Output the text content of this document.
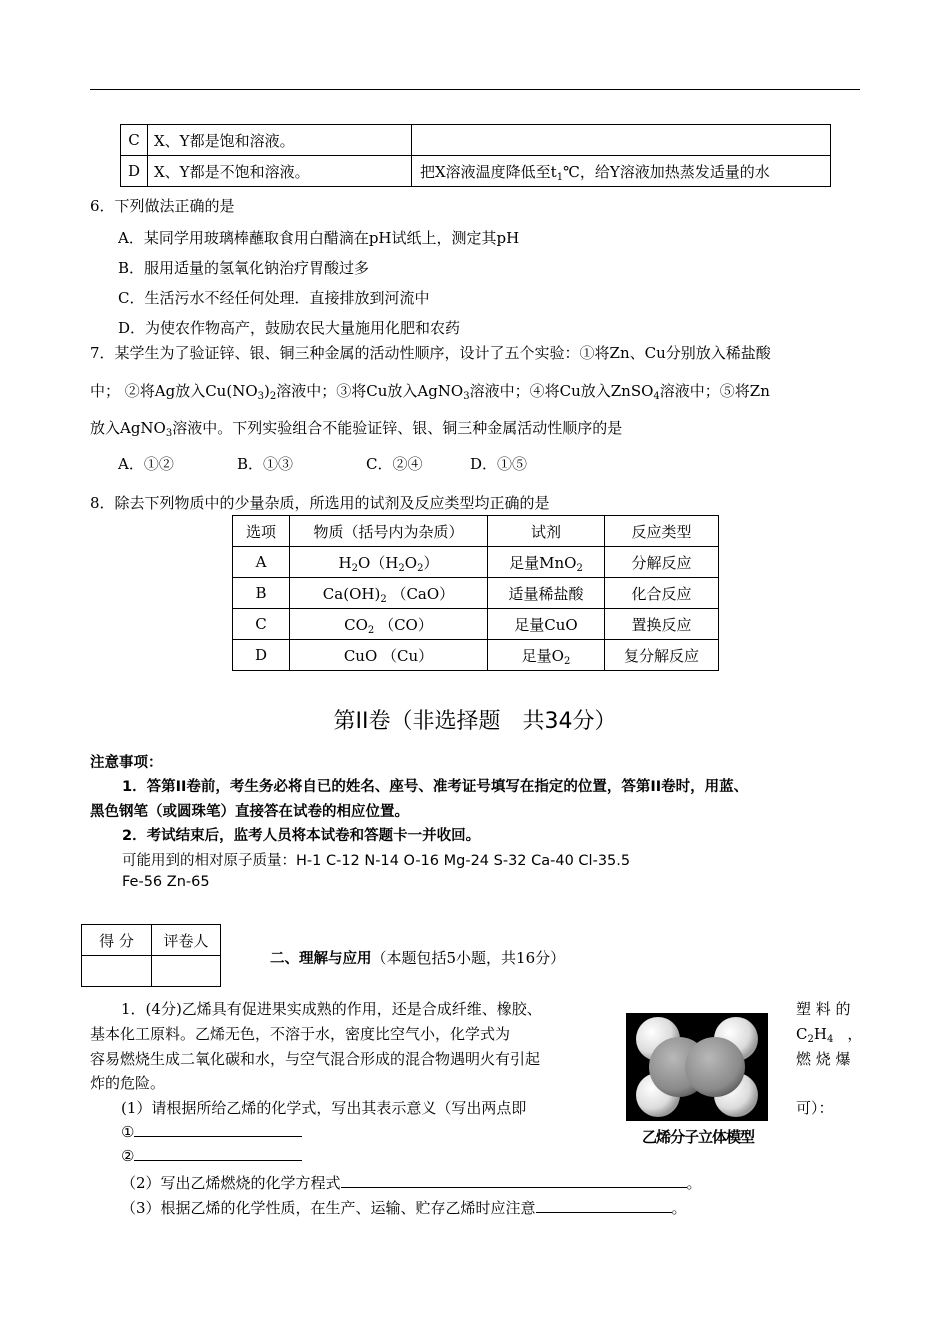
C	X、Y都是饱和溶液。	
D	X、Y都是不饱和溶液。	把X溶液温度降低至$t_1℃$，给Y溶液加热蒸发适量的水
6．下列做法正确的是
A．某同学用玻璃棒蘸取食用白醋滴在pH试纸上，测定其pH
B．服用适量的氢氧化钠治疗胃酸过多
C．生活污水不经任何处理．直接排放到河流中
D．为使农作物高产，鼓励农民大量施用化肥和农药
7．某学生为了验证锌、银、铜三种金属的活动性顺序，设计了五个实验：①将Zn、Cu分别放入稀盐酸
中； ②将Ag放入$Cu(NO_3)_2$溶液中；③将Cu放入AgNO$_3$溶液中；④将Cu放入ZnSO$_4$溶液中；⑤将Zn
放入AgNO$_3$溶液中。下列实验组合不能验证锌、银、铜三种金属活动性顺序的是
A．①②	B．①③	C．②④	D．①⑤
8．除去下列物质中的少量杂质，所选用的试剂及反应类型均正确的是
选项	物质（括号内为杂质）	试剂	反应类型
A	$H_2O(H_2O_2)$	足量MnO$_2$	分解反应
B	$Ca(OH)_2$ （CaO）	适量稀盐酸	化合反应
C	$CO_2$ （CO）	足量CuO	置换反应
D	CuO （Cu）	足量$O_2$	复分解反应
第II卷（非选择题　共34分）
注意事项：
1．答第II卷前，考生务必将自已的姓名、座号、准考证号填写在指定的位置，答第II卷时，用蓝、
黑色钢笔（或圆珠笔）直接答在试卷的相应位置。
2．考试结束后，监考人员将本试卷和答题卡一并收回。
可能用到的相对原子质量：H-1 C-12 N-14 O-16 Mg-24 S-32 Ca-40 Cl-35.5
Fe-56 Zn-65
得 分	评卷人

二、理解与应用（本题包括5小题，共16分）
1．(4分)乙烯具有促进果实成熟的作用，还是合成纤维、橡胶、	塑 料 的
基本化工原料。乙烯无色，不溶于水，密度比空气小，化学式为	$C_2H_4$ ，
容易燃烧生成二氧化碳和水，与空气混合形成的混合物遇明火有引起	燃 烧 爆
炸的危险。
(1）请根据所给乙烯的化学式，写出其表示意义（写出两点即	可）：
①
②
（2）写出乙烯燃烧的化学方程式	。
（3）根据乙烯的化学性质，在生产、运输、贮存乙烯时应注意	。
乙烯分子立体模型
